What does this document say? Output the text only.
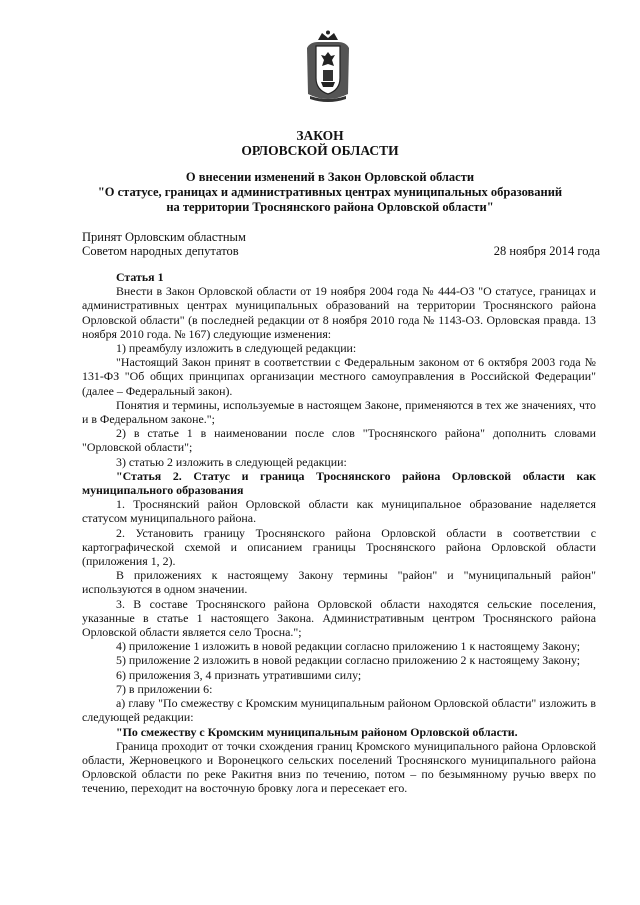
ЗАКОН
ОРЛОВСКОЙ ОБЛАСТИ
О внесении изменений в Закон Орловской области
"О статусе, границах и административных центрах муниципальных образований
на территории Троснянского района Орловской области"
Принят Орловским областным
Советом народных депутатов	28 ноября 2014 года

Статья 1

Внести в Закон Орловской области от 19 ноября 2004 года № 444-ОЗ "О статусе, границах и административных центрах муниципальных образований на территории Троснянского района Орловской области" (в последней редакции от 8 ноября 2010 года № 1143-ОЗ. Орловская правда. 13 ноября 2010 года. № 167) следующие изменения:

1) преамбулу изложить в следующей редакции:

"Настоящий Закон принят в соответствии с Федеральным законом от 6 октября 2003 года № 131-ФЗ "Об общих принципах организации местного самоуправления в Российской Федерации" (далее – Федеральный закон).

Понятия и термины, используемые в настоящем Законе, применяются в тех же значениях, что и в Федеральном законе.";

2) в статье 1 в наименовании после слов "Троснянского района" дополнить словами "Орловской области";

3) статью 2 изложить в следующей редакции:

"Статья 2. Статус и граница Троснянского района Орловской области как муниципального образования

1. Троснянский район Орловской области как муниципальное образование наделяется статусом муниципального района.

2. Установить границу Троснянского района Орловской области в соответствии с картографической схемой и описанием границы Троснянского района Орловской области (приложения 1, 2).

В приложениях к настоящему Закону термины "район" и "муниципальный район" используются в одном значении.

3. В составе Троснянского района Орловской области находятся сельские поселения, указанные в статье 1 настоящего Закона. Административным центром Троснянского района Орловской области является село Тросна.";

4) приложение 1 изложить в новой редакции согласно приложению 1 к настоящему Закону;

5) приложение 2 изложить в новой редакции согласно приложению 2 к настоящему Закону;

6) приложения 3, 4 признать утратившими силу;

7) в приложении 6:

а) главу "По смежеству с Кромским муниципальным районом Орловской области" изложить в следующей редакции:

"По смежеству с Кромским муниципальным районом Орловской области.

Граница проходит от точки схождения границ Кромского муниципального района Орловской области, Жерновецкого и Воронецкого сельских поселений Троснянского муниципального района Орловской области по реке Ракитня вниз по течению, потом – по безымянному ручью вверх по течению, переходит на восточную бровку лога и пересекает его.
